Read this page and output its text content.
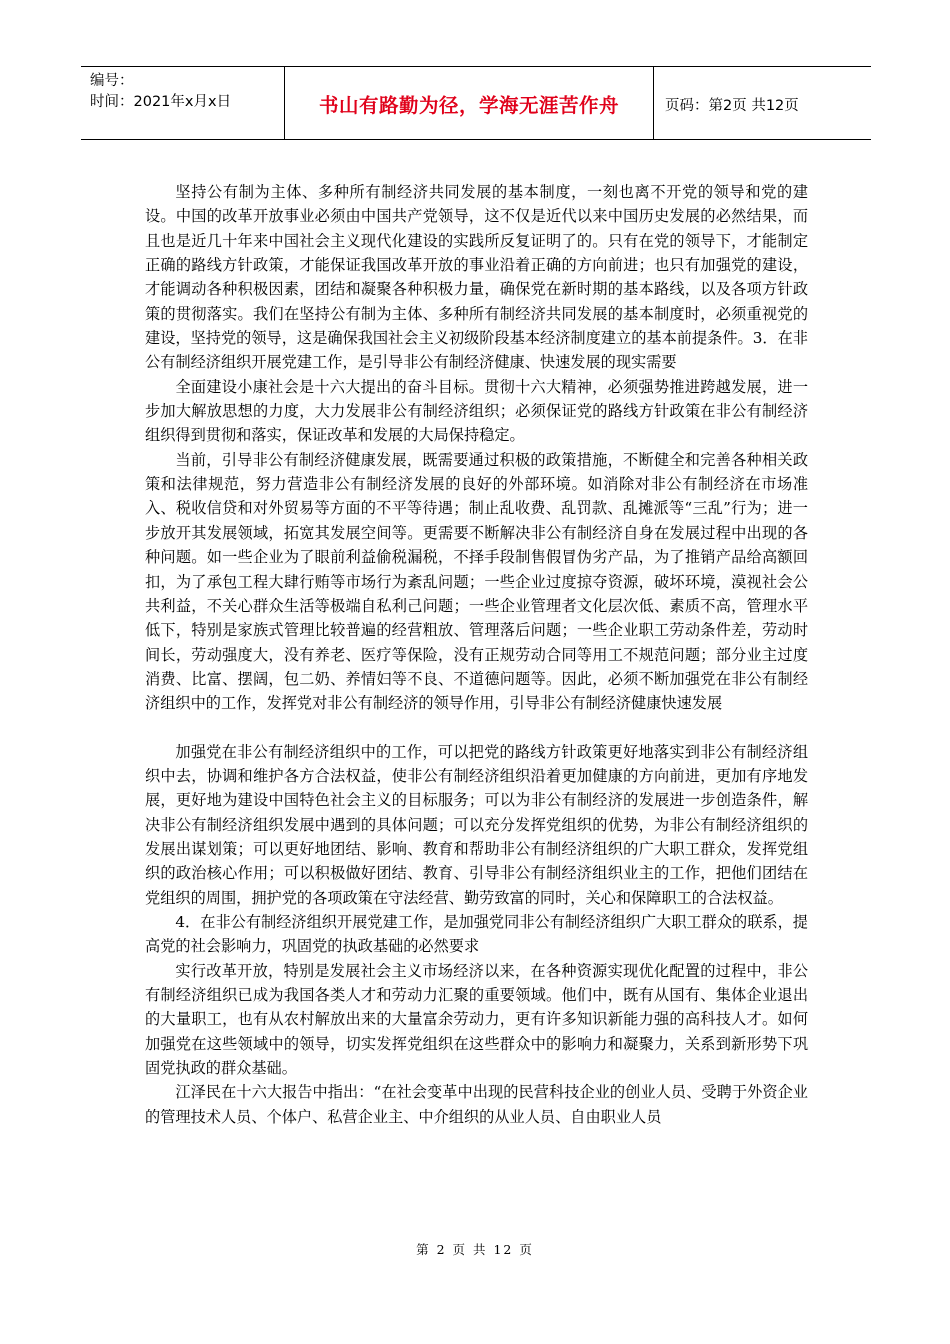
编号：
时间：2021年x月x日	书山有路勤为径，学海无涯苦作舟	页码：第2页 共12页

坚持公有制为主体、多种所有制经济共同发展的基本制度，一刻也离不开党的领导和党的建设。中国的改革开放事业必须由中国共产党领导，这不仅是近代以来中国历史发展的必然结果，而且也是近几十年来中国社会主义现代化建设的实践所反复证明了的。只有在党的领导下，才能制定正确的路线方针政策，才能保证我国改革开放的事业沿着正确的方向前进；也只有加强党的建设，才能调动各种积极因素，团结和凝聚各种积极力量，确保党在新时期的基本路线，以及各项方针政策的贯彻落实。我们在坚持公有制为主体、多种所有制经济共同发展的基本制度时，必须重视党的建设，坚持党的领导，这是确保我国社会主义初级阶段基本经济制度建立的基本前提条件。3．在非公有制经济组织开展党建工作，是引导非公有制经济健康、快速发展的现实需要

全面建设小康社会是十六大提出的奋斗目标。贯彻十六大精神，必须强势推进跨越发展，进一步加大解放思想的力度，大力发展非公有制经济组织；必须保证党的路线方针政策在非公有制经济组织得到贯彻和落实，保证改革和发展的大局保持稳定。

当前，引导非公有制经济健康发展，既需要通过积极的政策措施，不断健全和完善各种相关政策和法律规范，努力营造非公有制经济发展的良好的外部环境。如消除对非公有制经济在市场准入、税收信贷和对外贸易等方面的不平等待遇；制止乱收费、乱罚款、乱摊派等“三乱”行为；进一步放开其发展领域，拓宽其发展空间等。更需要不断解决非公有制经济自身在发展过程中出现的各种问题。如一些企业为了眼前利益偷税漏税，不择手段制售假冒伪劣产品，为了推销产品给高额回扣，为了承包工程大肆行贿等市场行为紊乱问题；一些企业过度掠夺资源，破坏环境，漠视社会公共利益，不关心群众生活等极端自私利己问题；一些企业管理者文化层次低、素质不高，管理水平低下，特别是家族式管理比较普遍的经营粗放、管理落后问题；一些企业职工劳动条件差，劳动时间长，劳动强度大，没有养老、医疗等保险，没有正规劳动合同等用工不规范问题；部分业主过度消费、比富、摆阔，包二奶、养情妇等不良、不道德问题等。因此，必须不断加强党在非公有制经济组织中的工作，发挥党对非公有制经济的领导作用，引导非公有制经济健康快速发展

加强党在非公有制经济组织中的工作，可以把党的路线方针政策更好地落实到非公有制经济组织中去，协调和维护各方合法权益，使非公有制经济组织沿着更加健康的方向前进，更加有序地发展，更好地为建设中国特色社会主义的目标服务；可以为非公有制经济的发展进一步创造条件，解决非公有制经济组织发展中遇到的具体问题；可以充分发挥党组织的优势，为非公有制经济组织的发展出谋划策；可以更好地团结、影响、教育和帮助非公有制经济组织的广大职工群众，发挥党组织的政治核心作用；可以积极做好团结、教育、引导非公有制经济组织业主的工作，把他们团结在党组织的周围，拥护党的各项政策在守法经营、勤劳致富的同时，关心和保障职工的合法权益。

4．在非公有制经济组织开展党建工作，是加强党同非公有制经济组织广大职工群众的联系，提高党的社会影响力，巩固党的执政基础的必然要求

实行改革开放，特别是发展社会主义市场经济以来，在各种资源实现优化配置的过程中，非公有制经济组织已成为我国各类人才和劳动力汇聚的重要领域。他们中，既有从国有、集体企业退出的大量职工，也有从农村解放出来的大量富余劳动力，更有许多知识新能力强的高科技人才。如何加强党在这些领域中的领导，切实发挥党组织在这些群众中的影响力和凝聚力，关系到新形势下巩固党执政的群众基础。

江泽民在十六大报告中指出：“在社会变革中出现的民营科技企业的创业人员、受聘于外资企业的管理技术人员、个体户、私营企业主、中介组织的从业人员、自由职业人员

第 2 页 共 12 页
